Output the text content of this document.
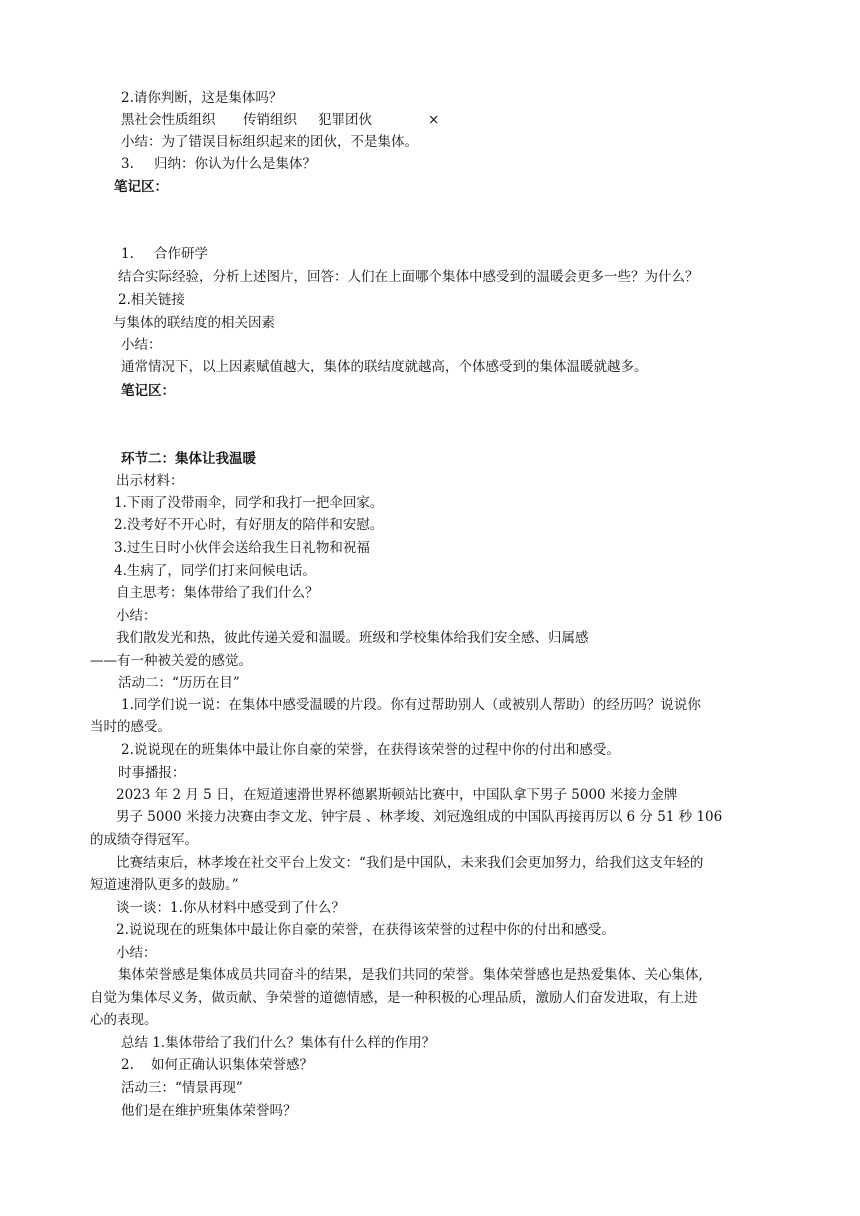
2.请你判断，这是集体吗？
黑社会性质组织 传销组织 犯罪团伙	×
小结：为了错误目标组织起来的团伙，不是集体。
3. 归纳：你认为什么是集体？
笔记区：
1. 合作研学
结合实际经验，分析上述图片，回答：人们在上面哪个集体中感受到的温暖会更多一些？为什么？
2.相关链接
与集体的联结度的相关因素
小结：
通常情况下，以上因素赋值越大，集体的联结度就越高，个体感受到的集体温暖就越多。
笔记区：
环节二：集体让我温暖
出示材料：
1.下雨了没带雨伞，同学和我打一把伞回家。
2.没考好不开心时，有好朋友的陪伴和安慰。
3.过生日时小伙伴会送给我生日礼物和祝福
4.生病了，同学们打来问候电话。
自主思考：集体带给了我们什么？
小结：
我们散发光和热，彼此传递关爱和温暖。班级和学校集体给我们安全感、归属感
——有一种被关爱的感觉。
活动二：“历历在目”
1.同学们说一说：在集体中感受温暖的片段。你有过帮助别人（或被别人帮助）的经历吗？说说你
当时的感受。
2.说说现在的班集体中最让你自豪的荣誉，在获得该荣誉的过程中你的付出和感受。
时事播报：
2023 年 2 月 5 日，在短道速滑世界杯德累斯顿站比赛中，中国队拿下男子 5000 米接力金牌
男子 5000 米接力决赛由李文龙、钟宇晨 、林孝埈、刘冠逸组成的中国队再接再厉以 6 分 51 秒 106
的成绩夺得冠军。
比赛结束后，林孝埈在社交平台上发文：“我们是中国队，未来我们会更加努力，给我们这支年轻的
短道速滑队更多的鼓励。”
谈一谈：1.你从材料中感受到了什么？
2.说说现在的班集体中最让你自豪的荣誉，在获得该荣誉的过程中你的付出和感受。
小结：
集体荣誉感是集体成员共同奋斗的结果，是我们共同的荣誉。集体荣誉感也是热爱集体、关心集体,
自觉为集体尽义务，做贡献、争荣誉的道德情感，是一种积极的心理品质，激励人们奋发进取，有上进
心的表现。
总结 1.集体带给了我们什么？集体有什么样的作用？
2. 如何正确认识集体荣誉感？
活动三：“情景再现”
他们是在维护班集体荣誉吗？
